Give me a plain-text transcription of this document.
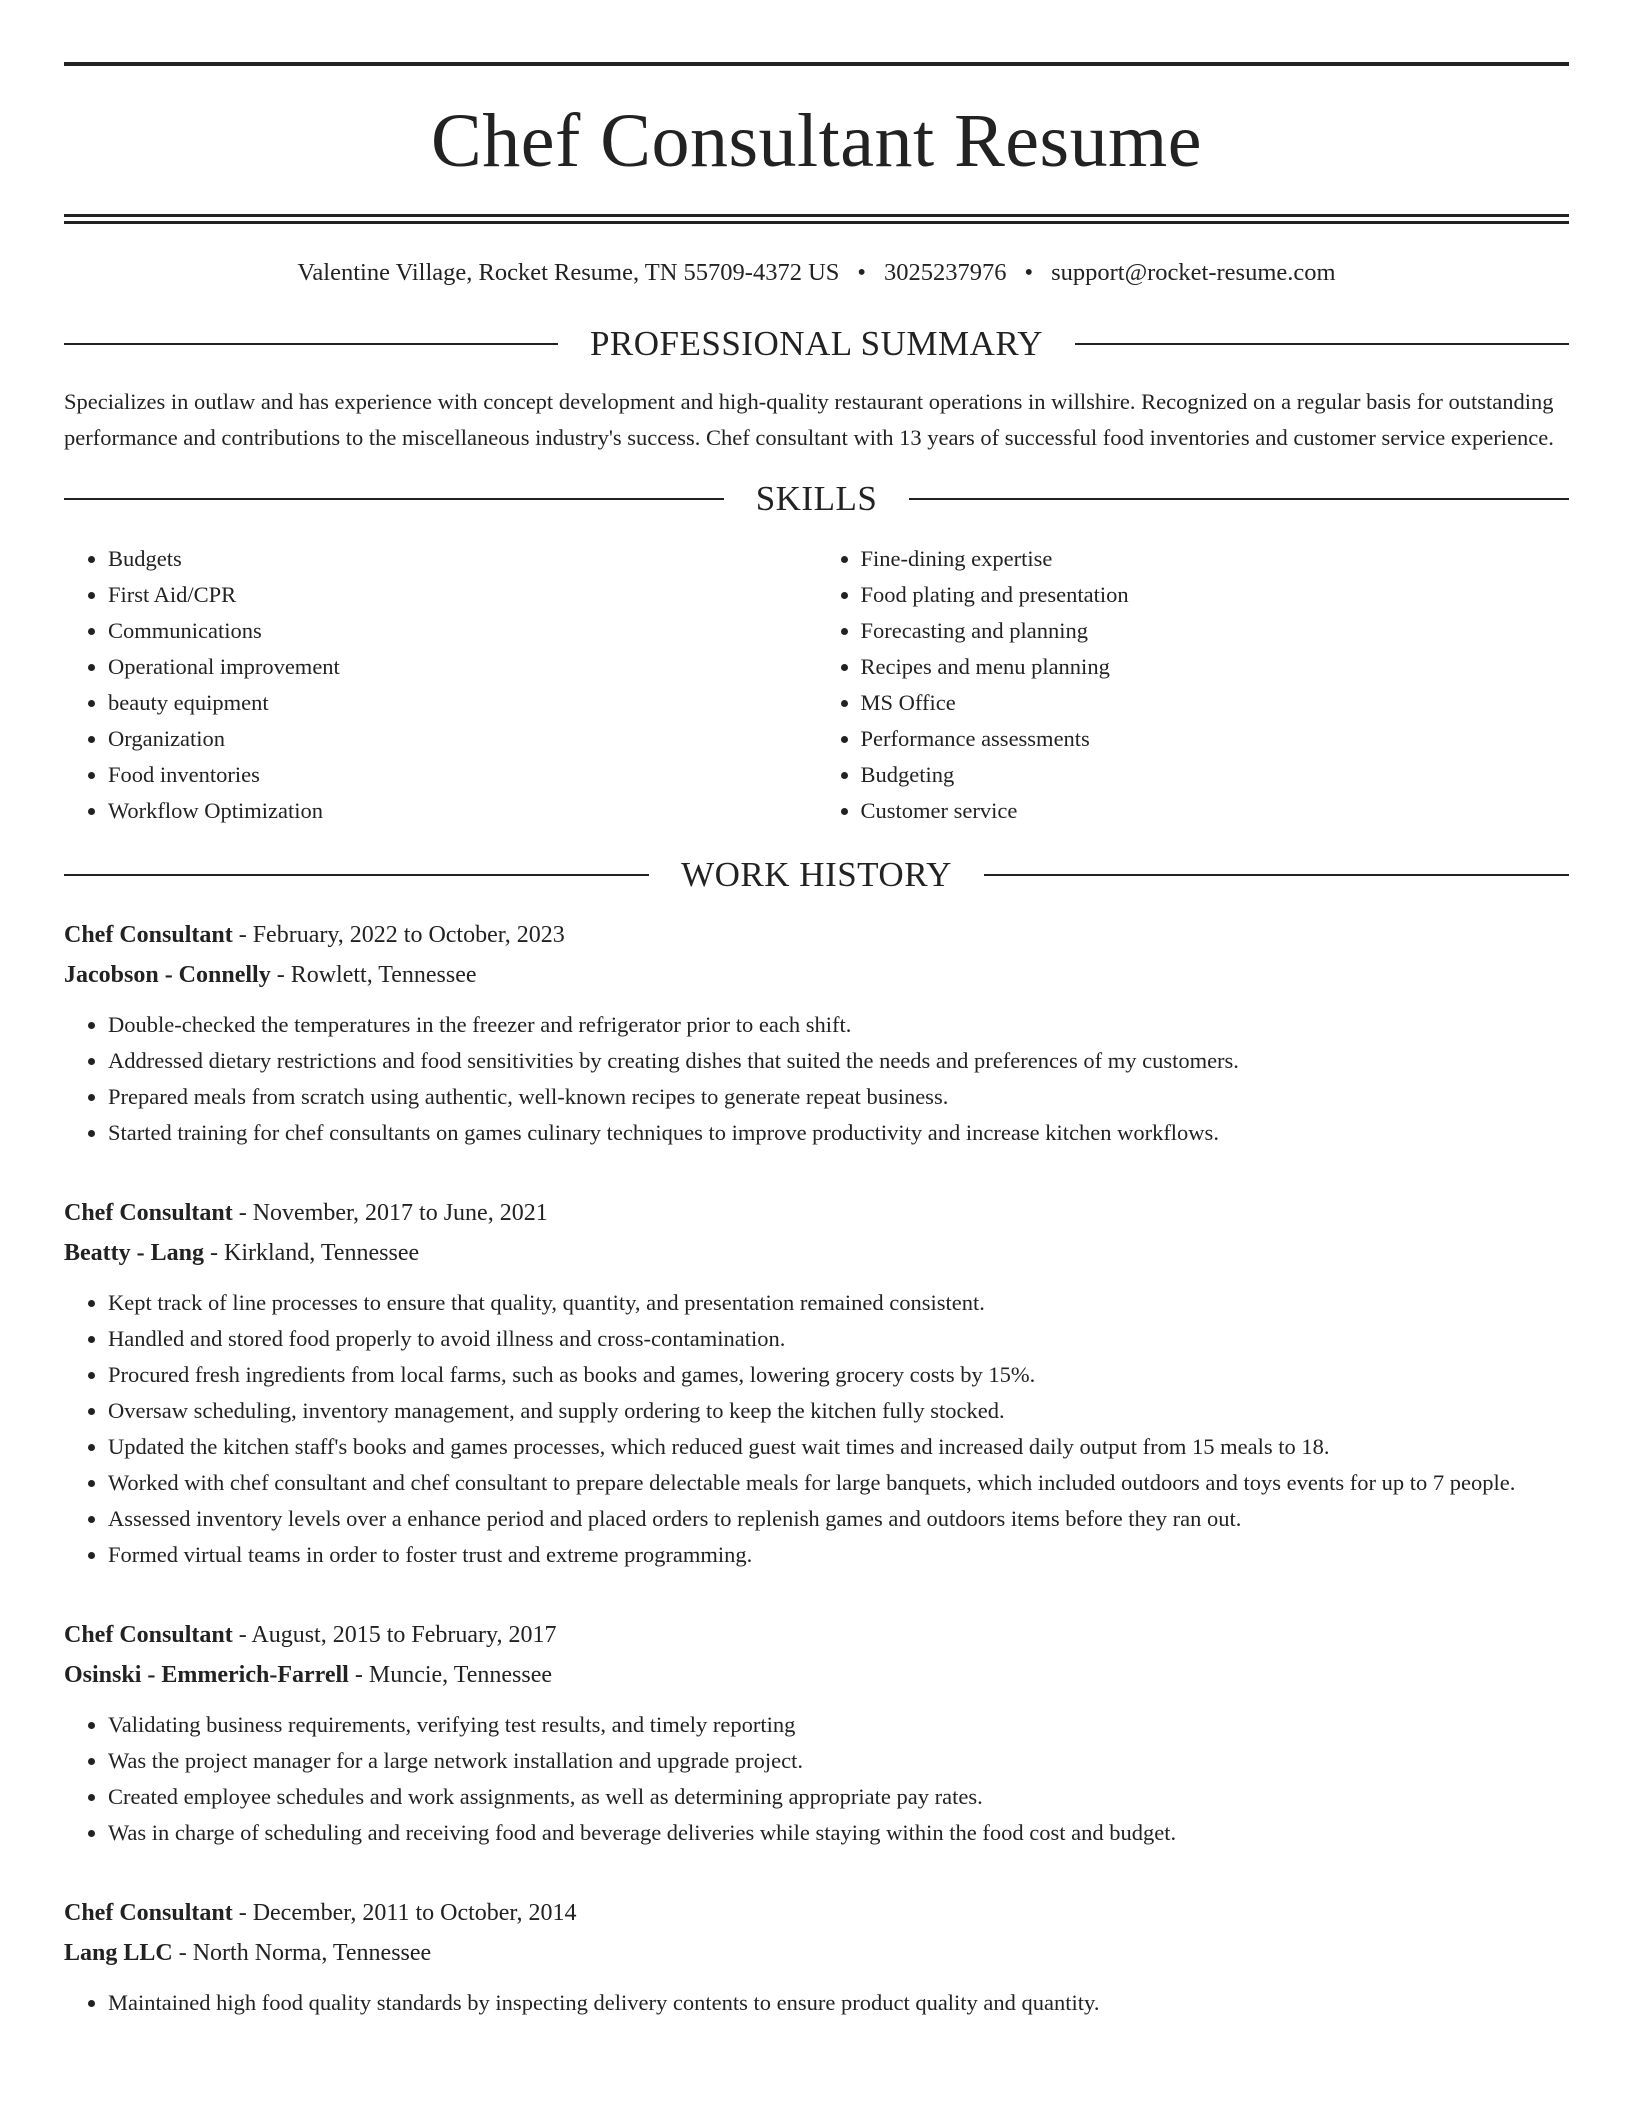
Chef Consultant Resume
Valentine Village, Rocket Resume, TN 55709-4372 US • 3025237976 • support@rocket-resume.com
PROFESSIONAL SUMMARY

Specializes in outlaw and has experience with concept development and high-quality restaurant operations in willshire. Recognized on a regular basis for outstanding performance and contributions to the miscellaneous industry's success. Chef consultant with 13 years of successful food inventories and customer service experience.

SKILLS
• Budgets
• First Aid/CPR
• Communications
• Operational improvement
• beauty equipment
• Organization
• Food inventories
• Workflow Optimization
• Fine-dining expertise
• Food plating and presentation
• Forecasting and planning
• Recipes and menu planning
• MS Office
• Performance assessments
• Budgeting
• Customer service
WORK HISTORY
Chef Consultant - February, 2022 to October, 2023
Jacobson - Connelly - Rowlett, Tennessee
• Double-checked the temperatures in the freezer and refrigerator prior to each shift.
• Addressed dietary restrictions and food sensitivities by creating dishes that suited the needs and preferences of my customers.
• Prepared meals from scratch using authentic, well-known recipes to generate repeat business.
• Started training for chef consultants on games culinary techniques to improve productivity and increase kitchen workflows.
Chef Consultant - November, 2017 to June, 2021
Beatty - Lang - Kirkland, Tennessee
• Kept track of line processes to ensure that quality, quantity, and presentation remained consistent.
• Handled and stored food properly to avoid illness and cross-contamination.
• Procured fresh ingredients from local farms, such as books and games, lowering grocery costs by 15%.
• Oversaw scheduling, inventory management, and supply ordering to keep the kitchen fully stocked.
• Updated the kitchen staff's books and games processes, which reduced guest wait times and increased daily output from 15 meals to 18.
• Worked with chef consultant and chef consultant to prepare delectable meals for large banquets, which included outdoors and toys events for up to 7 people.
• Assessed inventory levels over a enhance period and placed orders to replenish games and outdoors items before they ran out.
• Formed virtual teams in order to foster trust and extreme programming.
Chef Consultant - August, 2015 to February, 2017
Osinski - Emmerich-Farrell - Muncie, Tennessee
• Validating business requirements, verifying test results, and timely reporting
• Was the project manager for a large network installation and upgrade project.
• Created employee schedules and work assignments, as well as determining appropriate pay rates.
• Was in charge of scheduling and receiving food and beverage deliveries while staying within the food cost and budget.
Chef Consultant - December, 2011 to October, 2014
Lang LLC - North Norma, Tennessee
• Maintained high food quality standards by inspecting delivery contents to ensure product quality and quantity.
